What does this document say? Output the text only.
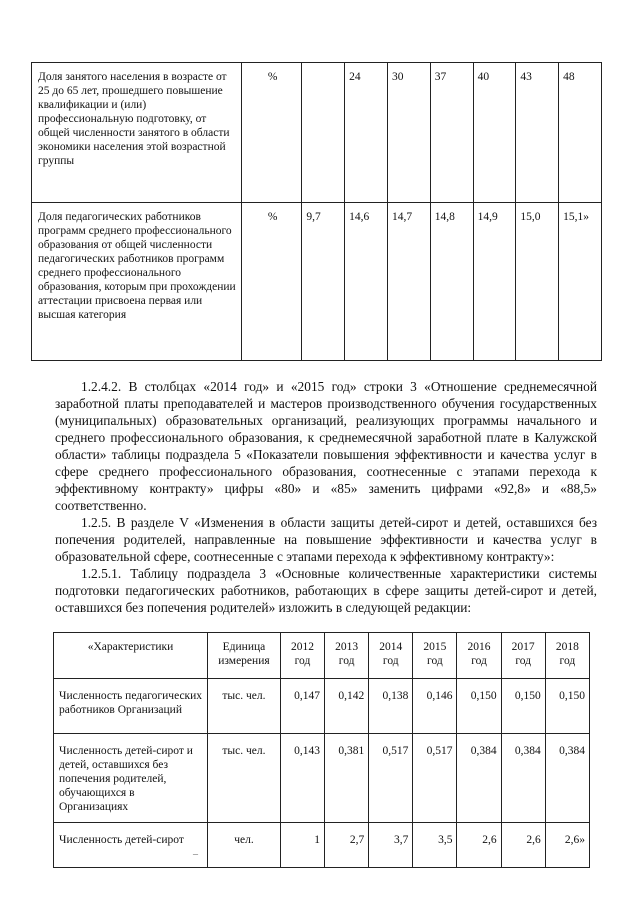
Доля занятого населения в возрасте от 25 до 65 лет, прошедшего повышение квалификации и (или) профессиональную подготовку, от общей численности занятого в области экономики населения этой возрастной группы	%		24	30	37	40	43	48
Доля педагогических работников программ среднего профессионального образования от общей численности педагогических работников программ среднего профессионального образования, которым при прохождении аттестации присвоена первая или высшая категория	%	9,7	14,6	14,7	14,8	14,9	15,0	15,1»

1.2.4.2. В столбцах «2014 год» и «2015 год» строки 3 «Отношение среднемесячной заработной платы преподавателей и мастеров производственного обучения государственных (муниципальных) образовательных организаций, реализующих программы начального и среднего профессионального образования, к среднемесячной заработной плате в Калужской области» таблицы подраздела 5 «Показатели повышения эффективности и качества услуг в сфере среднего профессионального образования, соотнесенные с этапами перехода к эффективному контракту» цифры «80» и «85» заменить цифрами «92,8» и «88,5» соответственно.

1.2.5. В разделе V «Изменения в области защиты детей-сирот и детей, оставшихся без попечения родителей, направленные на повышение эффективности и качества услуг в образовательной сфере, соотнесенные с этапами перехода к эффективному контракту»:

1.2.5.1. Таблицу подраздела 3 «Основные количественные характеристики системы подготовки педагогических работников, работающих в сфере защиты детей-сирот и детей, оставшихся без попечения родителей» изложить в следующей редакции:

«Характеристики	Единица измерения	2012 год	2013 год	2014 год	2015 год	2016 год	2017 год	2018 год
Численность педагогических работников Организаций	тыс. чел.	0,147	0,142	0,138	0,146	0,150	0,150	0,150
Численность детей-сирот и детей, оставшихся без попечения родителей, обучающихся в Организациях	тыс. чел.	0,143	0,381	0,517	0,517	0,384	0,384	0,384
Численность детей-сирот	чел.	1	2,7	3,7	3,5	2,6	2,6	2,6»
¯
